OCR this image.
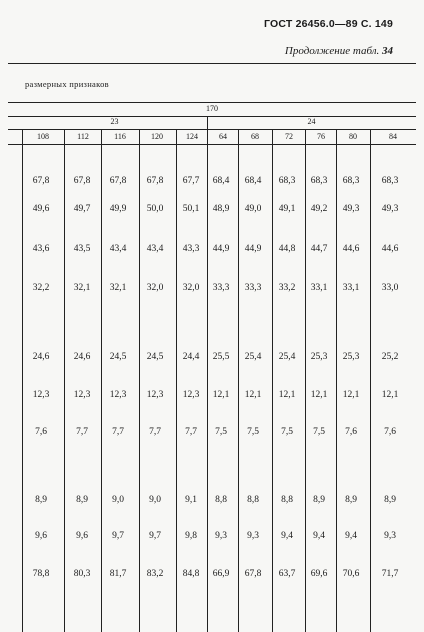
ГОСТ 26456.0—89 С. 149
Продолжение табл. 34
размерных признаков
170
23	24
108	112	116	120	124	64	68	72	76	80	84
67,8	67,8	67,8	67,8	67,7	68,4	68,4	68,3	68,3	68,3	68,3
49,6	49,7	49,9	50,0	50,1	48,9	49,0	49,1	49,2	49,3	49,3
43,6	43,5	43,4	43,4	43,3	44,9	44,9	44,8	44,7	44,6	44,6
32,2	32,1	32,1	32,0	32,0	33,3	33,3	33,2	33,1	33,1	33,0
24,6	24,6	24,5	24,5	24,4	25,5	25,4	25,4	25,3	25,3	25,2
12,3	12,3	12,3	12,3	12,3	12,1	12,1	12,1	12,1	12,1	12,1
7,6	7,7	7,7	7,7	7,7	7,5	7,5	7,5	7,5	7,6	7,6
8,9	8,9	9,0	9,0	9,1	8,8	8,8	8,8	8,9	8,9	8,9
9,6	9,6	9,7	9,7	9,8	9,3	9,3	9,4	9,4	9,4	9,3
78,8	80,3	81,7	83,2	84,8	66,9	67,8	63,7	69,6	70,6	71,7
